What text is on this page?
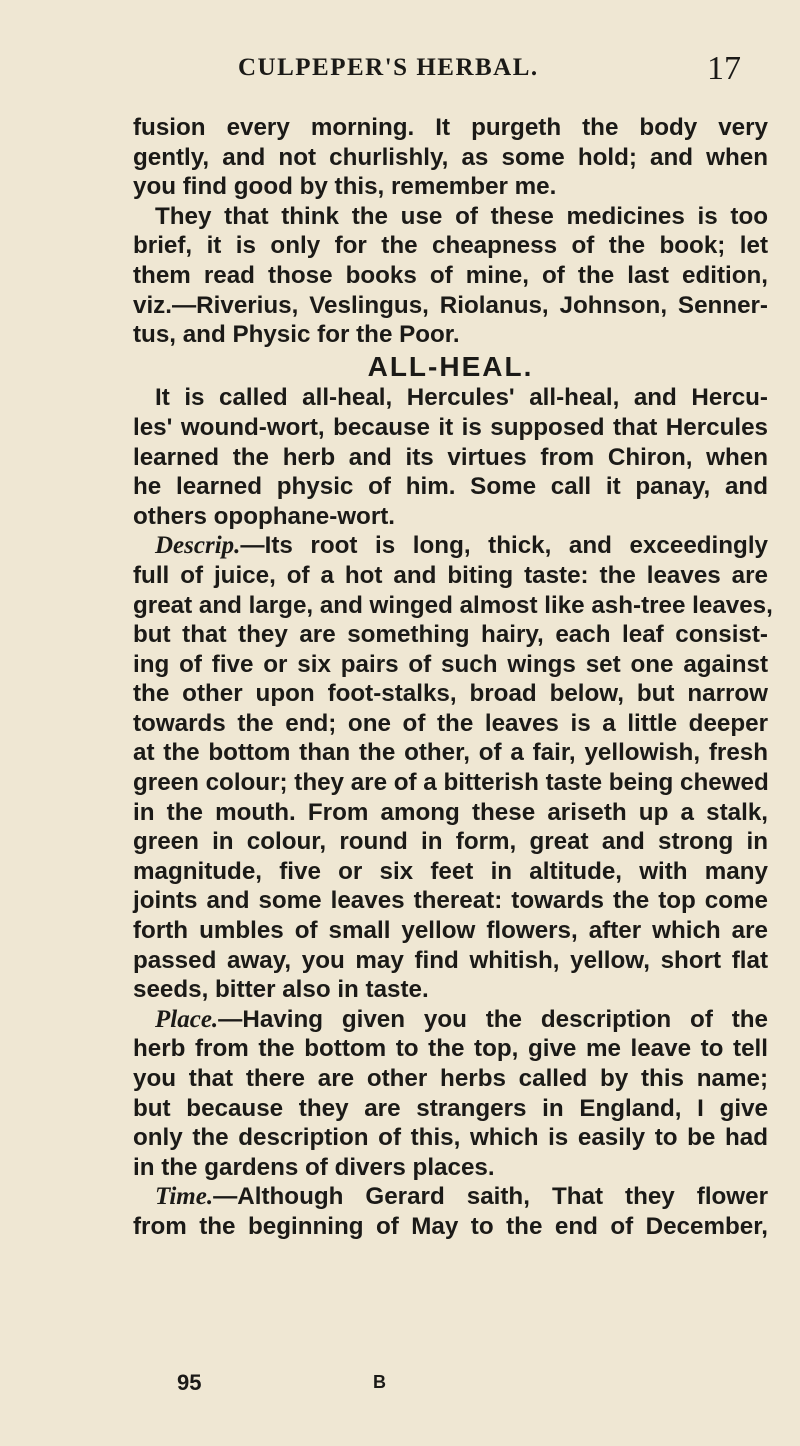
CULPEPER'S HERBAL.	17
fusion every morning. It purgeth the body very
gently, and not churlishly, as some hold; and when
you find good by this, remember me.
They that think the use of these medicines is too
brief, it is only for the cheapness of the book; let
them read those books of mine, of the last edition,
viz.—Riverius, Veslingus, Riolanus, Johnson, Senner-
tus, and Physic for the Poor.
ALL-HEAL.
It is called all-heal, Hercules' all-heal, and Hercu-
les' wound-wort, because it is supposed that Hercules
learned the herb and its virtues from Chiron, when
he learned physic of him. Some call it panay, and
others opophane-wort.
Descrip.—Its root is long, thick, and exceedingly
full of juice, of a hot and biting taste: the leaves are
great and large, and winged almost like ash-tree leaves,
but that they are something hairy, each leaf consist-
ing of five or six pairs of such wings set one against
the other upon foot-stalks, broad below, but narrow
towards the end; one of the leaves is a little deeper
at the bottom than the other, of a fair, yellowish, fresh
green colour; they are of a bitterish taste being chewed
in the mouth. From among these ariseth up a stalk,
green in colour, round in form, great and strong in
magnitude, five or six feet in altitude, with many
joints and some leaves thereat: towards the top come
forth umbles of small yellow flowers, after which are
passed away, you may find whitish, yellow, short flat
seeds, bitter also in taste.
Place.—Having given you the description of the
herb from the bottom to the top, give me leave to tell
you that there are other herbs called by this name;
but because they are strangers in England, I give
only the description of this, which is easily to be had
in the gardens of divers places.
Time.—Although Gerard saith, That they flower
from the beginning of May to the end of December,
95	B
